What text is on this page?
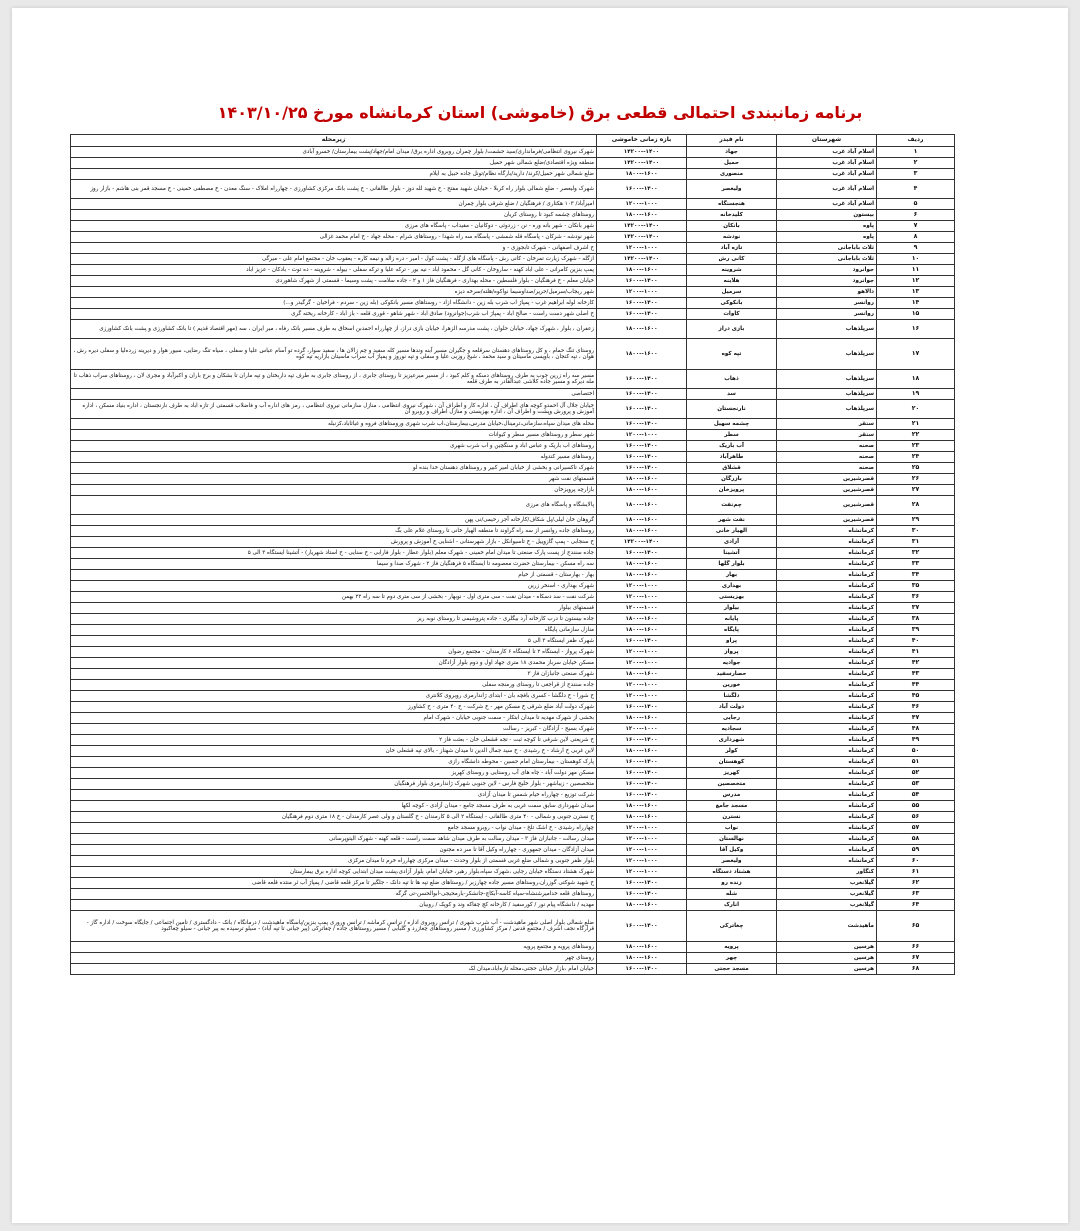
برنامه زمانبندی احتمالی قطعی برق (خاموشی) استان کرمانشاه مورخ ۱۴۰۳/۱۰/۲۵
ردیف	شهرستان	نام فیدر	بازه زمانی خاموشی	زیرمحله
۱	اسلام آباد غرب	جهاد	۱۴۰۰--۱۴۲۰۰	شهرک نیروی انتظامی/فرمانداری/سید حشمت/ بلوار چمران روبروی اداره برق/ میدان امام/جهاد/پشت بیمارستان/ خسرو آبادی
۲	اسلام آباد غرب	حمیل	۱۴۰۰--۱۴۲۰۰	منطقه ویژه اقتصادی/ضلع شمالی شهر حمیل
۳	اسلام آباد غرب	منصوری	۱۶۰۰--۱۸۰۰	ضلع شمالی شهر حمیل/کرند/ دارید/بارگاه نظام/تونل جاده حبیل به ایلام
۴	اسلام آباد غرب	ولیعصر	۱۴۰۰--۱۶۰۰	شهرک ولیعصر - ضلع شمالی بلوار راه کربلا - خیابان شهید مفتح - خ شهید لله دوز - بلوار طالقانی - خ پشت بانک مرکزی کشاورزی - چهارراه املاک - سنگ معدن - خ مصطفی خمینی - خ مسجد قمر بنی هاشم - بازار روز
۵	اسلام آباد غرب	هنجسنگاه	۱۰۰۰--۱۲۰۰	امیرآباد/ ۱۰۳ هکتاری / فرهنگیان / ضلع شرقی بلوار چمران
۶	بیستون	کلیدخانه	۱۶۰۰--۱۸۰۰	روستاهای چشمه کبود تا روستای کریان
۷	پاوه	بانکان	۱۴۰۰--۱۴۲۰۰	شهر بانکان - شهر بانه وره - نن - زردوئی - دوکانیان - مقیداب - پاسگاه های مرزی
۸	پاوه	نودشه	۱۴۰۰--۱۴۲۰۰	شهر نودشه - شرکان - پاسگاه قله شمشی - پاسگاه سه راه شهدا - روستاهای شرام - محله جهاد - خ امام محمد غزالی
۹	ثلاث باباجانی	تازه آباد	۱۰۰۰--۱۲۰۰	خ اشرف اصفهانی - شهرک تابجوزی - و
۱۰	ثلاث باباجانی	کانی رش	۱۴۰۰--۱۴۲۰۰	ازگله - شهرک زیارت تمرخان - کانی رش - پاسگاه های ازگله - پشت کول - امیر - دره زاله و نیمه کاره - یعقوب خان - مجتمع امام علی - میرگی
۱۱	جوانرود	شروینه	۱۶۰۰--۱۸۰۰	پمپ بنزین کامرانی - علی اباد کهنه - ساروخان - کانی گل - محمود اباد - نیه بور - ترکه علیا و ترکه سفلی - بیوله - شروینه - ده توت - بادکان - عزیز اباد
۱۲	جوانرود	هلاینه	۱۴۰۰--۱۶۰۰	خیابان معلم - خ فرهنگیان - بلوار فلسطین - محله بهداری - فرهنگیان فاز ۱ و ۲ - جاده سلامت - پشت وسیما - قسمتی از شهرک شاهوردی
۱۳	دالاهو	سرمیل	۱۰۰۰--۱۲۰۰	شهر ریجاب/سرمیل/حریر/صداوسیما نواکوه/هلته/سرخه دیزه
۱۴	روانسر	بانکوکی	۱۴۰۰--۱۶۰۰	کارخانه لوله ابراهیم غرب - پمپاژ اب شرب بله زین - دانشگاه ازاد - روستاهای مسیر بانکوکی (بله زین - سردم - فراخیان - گرگیدر و...)
۱۵	روانسر	کاوات	۱۴۰۰--۱۶۰۰	خ اصلی شهر دست راست - صالح اباد - پمپاژ اب شرب(جوانرود) صادق اباد - شهر شاهو - قوری قلعه - باز اباد - کارخانه ریخته گری
۱۶	سرپلذهاب	بازی دراز	۱۶۰۰--۱۸۰۰	زعفران ، بلوار ، شهرک جهاد، خیابان حلوان ، پشت مدرسه الزهرا، خیابان بازی دراز، از چهارراه احمدبن اسحاق به طرف مسیر بانک رفاه ، میر ایران ، سه (مهر اقتصاد قدیم ) تا بانک کشاورزی و پشت بانک کشاورزی
۱۷	سرپلذهاب	تپه کوه	۱۶۰۰--۱۸۰۰	روستای تنگ حمام ، و کل روستاهای دهستان سرقلعه و جگیران مسیر آبنه وندها مسیر کله سفید و چم زالان ها ، سفید سوار، گرده تو آسام عباس علیا و سفلی ، سیاه تنگ رضایی، سیور هوار و دیرینه زرده‌لیا و سفلی دیره رش ، هوان ، تپه کنجان ، باویسی ماسیتان و سید محمد ، شیخ روزبی علیا و سفلی و تپه نوروز و پمپاژ آب سراب ماسیتان بازاریه تپه کوه
۱۸	سرپلذهاب	ذهاب	۱۴۰۰--۱۶۰۰	مسیر سه راه زرین جوب به طرف روستاهای دسکه و کلم کبود ، از مسیر میرعیزیز تا روستای جابری ، از روستای جابری به طرف تپه داربختان و تپه ماران تا بشکان و برج باران و اکبرآباد و مجری لان ، روستاهای سراب ذهاب تا مله دیرکه و مسیر جاده کلاشی عبدالقادر به طرف قلعه
۱۹	سرپلذهاب	سد	۱۴۰۰--۱۶۰۰	اختصاصی
۲۰	سرپلذهاب	نارنجستان	۱۴۰۰--۱۶۰۰	خیابان جلال آل احمدو کوچه های اطراف آن ، اداره کار و اطراف آن ، شهرک نیروی انتظامی ، منازل سازمانی نیروی انتظامی ، رمز های اداره آب و فاضلاب قسمتی از تازه اباد به طرف نارنجستان ، اداره بنیاد مسکن ، اداره آموزش و پرورش وپشت و اطراف آن ، اداره بهزیستی و منازل اطراف و روبرو آن
۲۱	سنقر	چشمه سهیل	۱۴۰۰--۱۶۰۰	محله های میدان سپاه،سازمانی،ترمینال،خیابان مدرس،بیمارستان،اب شرب شهری وروستاهای فروه و غیاثاباد،کزنبله
۲۲	سنقر	سطر	۱۰۰۰--۱۲۰۰	شهر سطر و روستاهای مسیر سطر و کیوانات
۲۳	صحنه	آب باریک	۱۴۰۰--۱۶۰۰	روستاهای اب باریک و عباس اباد و سنگچین و اب شرب شهری
۲۴	صحنه	طاهرآباد	۱۴۰۰--۱۶۰۰	روستاهای مسیر کندوله
۲۵	صحنه	قشلاق	۱۴۰۰--۱۶۰۰	شهرک تاکسیرانی و بخشی از خیابان امیر کبیر و روستاهای دهستان خدا بنده لو
۲۶	قصرشیرین	بازرگان	۱۶۰۰--۱۸۰۰	قسمتهای نفت شهر
۲۷	قصرشیرین	پرویزخان	۱۶۰۰--۱۸۰۰	بازارچه پرویزخان
۲۸	قصرشیرین	چم‌نفت	۱۶۰۰--۱۸۰۰	پالایشگاه و پاسگاه های مرزی
۲۹	قصرشیرین	نفت شهر	۱۶۰۰--۱۸۰۰	گروهان خان لیلی/پل شکاف/کارخانه آجر رحیمی/نی پهن
۳۰	کرمانشاه	الهیار خانی	۱۶۰۰--۱۸۰۰	روستاهای جاده روانسر از سه راه گراوند تا منطقه الهیار خانی تا روستای غلام علی بگ
۳۱	کرمانشاه	آزادی	۱۴۰۰--۱۴۲۰۰	خ سنجابی - پمپ گازوییل - خ تاسیوانکل - بازار شهرستانی - اشنایی خ آموزش و پرورش
۳۲	کرمانشاه	آتشینا	۱۴۰۰--۱۶۰۰	جاده سنندج از پست پارک صنعتی تا میدان امام خمینی - شهرک معلم (بلوار عطار - بلوار فارابی - خ سنایی - خ استاد شهریار) - آتشینا ایستگاه ۳ الی ۵
۳۳	کرمانشاه	بلوار گلها	۱۶۰۰--۱۸۰۰	سه راه مسکن - بیمارستان حضرت معصومه تا ایستگاه ۵ فرهنگیان فاز ۲ - شهرک صدا و سیما
۳۴	کرمانشاه	بهار	۱۶۰۰--۱۸۰۰	بهار - بهارستان - قسمتی از خیام
۳۵	کرمانشاه	بهداری	۱۰۰۰--۱۲۰۰	شهرک بهداری - اسنخر زرین
۳۶	کرمانشاه	بهزیستی	۱۰۰۰--۱۲۰۰	شرکت نفت - سد دسکاه - میدان نفت - سی متری اول - نوبهار - بخشی از سی متری دوم تا سه راه ۲۲ بهمن
۳۷	کرمانشاه	بیلوار	۱۰۰۰--۱۲۰۰	قسمتهای بیلوار
۳۸	کرمانشاه	پایانه	۱۶۰۰--۱۸۰۰	جاده بیستون تا درب کارخانه آرد بیگلری - جاده پتروشیمی تا روستای نوبه ریز
۳۹	کرمانشاه	پایگاه	۱۶۰۰--۱۸۰۰	منازل سازمانی پایگاه
۴۰	کرمانشاه	پراو	۱۴۰۰--۱۶۰۰	شهرک ظفر ایستگاه ۳ الی ۵
۴۱	کرمانشاه	پرواز	۱۰۰۰--۱۲۰۰	شهرک پرواز - ایستگاه ۲ تا ایستگاه ۶ کارمندان - مجتمع رضوان
۴۲	کرمانشاه	جوادیه	۱۰۰۰--۱۲۰۰	مسکن خیابان سرباز محمدی ۱۸ متری جهاد اول و دوم بلوار آزادگان
۴۳	کرمانشاه	حصارسفید	۱۶۰۰--۱۸۰۰	شهرک صنعتی جانبازان فاز ۳
۴۴	کرمانشاه	خورین	۱۰۰۰--۱۲۰۰	جاده سنندج از قراجغی تا روستای ورمنجه سفلی
۴۵	کرمانشاه	دلگشا	۱۰۰۰--۱۲۰۰	خ شورا - خ دلگشا - کسری بافچه بان - ابتدای ژاندارمری روبروی کلانتری
۴۶	کرمانشاه	دولت آباد	۱۴۰۰--۱۶۰۰	شهرک دولت آباد ضلع شرقی خ مسکن مهر - خ شرکت - خ ۴۰ متری - خ کشاورز
۴۷	کرمانشاه	رجایی	۱۶۰۰--۱۸۰۰	بخشی از شهرک مهدیه تا میدان ابتکار - سمت جنوبی خیابان - شهرک امام
۴۸	کرمانشاه	سجادیه	۱۰۰۰--۱۲۰۰	شهرک بسیج - آزادگان - کبریز - رسالت
۴۹	کرمانشاه	شهرداری	۱۴۰۰--۱۶۰۰	خ شریعتی لاین شرقی تا کوچه ثبت - تجه قشعلی خان - بعثت فاز ۲
۵۰	کرمانشاه	کولر	۱۶۰۰--۱۸۰۰	لاین غربی خ ارشاد - خ رشیدی - خ سید جمال الدین تا میدان شهناز - بالای تپه قشعلی خان
۵۱	کرمانشاه	کوهستان	۱۴۰۰--۱۶۰۰	پارک کوهستان - بیمارستان امام حسین - محوطه دانشگاه رازی
۵۲	کرمانشاه	کهریز	۱۴۰۰--۱۶۰۰	مسکن مهر دولت آباد - چاه های آب روستایی و روستای کهریز
۵۳	کرمانشاه	متخصصین	۱۴۰۰--۱۶۰۰	متخصصین - زیباشهر - بلوار خلیج فارس - لاین جنوبی شهرک ژاندارمری بلوار فرهنگیان
۵۴	کرمانشاه	مدرس	۱۴۰۰--۱۶۰۰	شرکت توزیع - چهارراه خیام شمس تا میدان آزادی
۵۵	کرمانشاه	مسجد جامع	۱۶۰۰--۱۸۰۰	میدان شهرداری سایق سمت غربی به طرف مسجد جامع - میدان آزادی - کوچه لکها
۵۶	کرمانشاه	نسترن	۱۶۰۰--۱۸۰۰	خ نسترن جنوبی و شمالی - ۴۰ متری طالقانی - ایستگاه ۲ الی ۵ کارمندان - خ گلستان و ولی عصر کارمندان - خ ۱۸ متری دوم فرهنگیان
۵۷	کرمانشاه	نواب	۱۰۰۰--۱۲۰۰	چهارراه رشیدی - خ اشک تلخ - میدان نواب - روبرو مسجد جامع
۵۸	کرمانشاه	نهالستان	۱۰۰۰--۱۲۰۰	میدان رسالت - جانبازان فاز ۳ - میدان رسالت به طرف میدان شاهد سمت راست - قلعه کهنه - شهرک الیتوپرسانی
۵۹	کرمانشاه	وکیل آقا	۱۰۰۰--۱۲۰۰	میدان آزادگان - میدان جمهوری - چهارراه وکیل آقا تا سر ده مجنون
۶۰	کرمانشاه	ولیعصر	۱۰۰۰--۱۲۰۰	بلوار ظفر جنوبی و شمالی ضلع غربی قسمتی از بلوار وحدت - میدان مرکزی چهارراه خرم تا میدان مرکزی
۶۱	کنگاور	هشتاد دستگاه	۱۰۰۰--۱۲۰۰	شهرک هشتاد دستگاه خیابان رجایی ،شهرک سپاه،بلوار رهبر، خیابان امام، بلوار آزادی،پشت میدان ابتدایی کوچه اداره برق بیمارستان
۶۲	گیلانغرب	زنده رو	۱۴۰۰--۱۶۰۰	خ شهید شوکتی گوزران،روستاهای مسیر جاده چهارزبر / روستاهای ضلع تپه ها تا تپه دانک - جلگیر تا مرکز قلعه قاضی / پمپاژ آب ثر منتده قلعه قاضی
۶۳	گیلانغرب	شله	۱۴۰۰--۱۶۰۰	روستاهای قلعه خدامیرشنشاه-سیاه کاسه-آبکاچ-جانشکر-بارمحیجی-ابوالحسن-تی گرگه
۶۴	گیلانغرب	انارک	۱۶۰۰--۱۸۰۰	مهدیه / دانشگاه پیام نور / کورسفید / کارخانه کچ چقاکه وند و کوپک / روبیان
۶۵	ماهیدشت	چغاترکی	۱۴۰۰--۱۶۰۰	ضلع شمالی بلوار اصلی شهر ماهیدشت - آب شرب شهری / ترانس روبروی اداره / ترانس کرماشه / ترانس وروری پمپ بنزین/پاسگاه ماهیدشت / درمانگاه / بانک - دادگستری / تامین اجتماعی / جایگاه سوخت / اداره گاز - قرارگاه نجف اشرف / مجتمع قدس / مرکز کشاورزی / مسیر روستاهای چغازرد و گلبابی / مسیر روستاهای جاده / چغاترکی (پیر جیانی تا تپه آباد) - سیلو ترسیده به پیر جیانی - سیلو چغاکبود
۶۶	هرسین	پرویه	۱۶۰۰--۱۸۰۰	روستاهای پرویه و مجتمع پرویه
۶۷	هرسین	چهر	۱۶۰۰--۱۸۰۰	روستای چهر
۶۸	هرسین	مسجد حجتی	۱۴۰۰--۱۶۰۰	خیابان امام ،بازار خیابان حجتی،محله تازه‌اباد،میدان لک
